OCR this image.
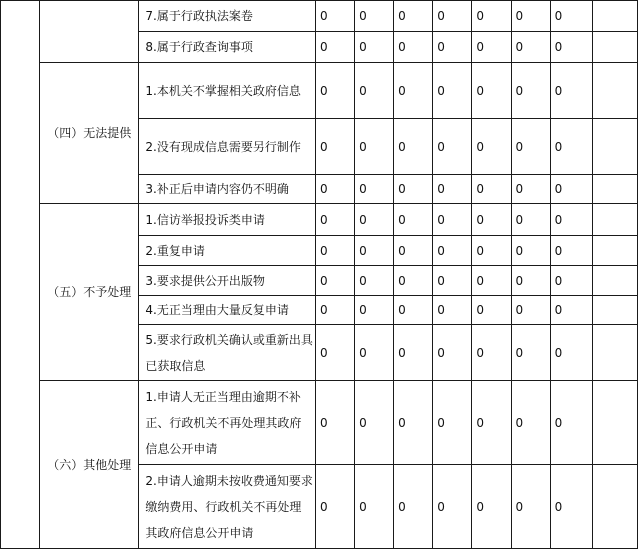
		7.属于行政执法案卷	0	0	0	0	0	0	0	
		8.属于行政查询事项	0	0	0	0	0	0	0	
	（四）无法提供	1.本机关不掌握相关政府信息	0	0	0	0	0	0	0	
		2.没有现成信息需要另行制作	0	0	0	0	0	0	0	
		3.补正后申请内容仍不明确	0	0	0	0	0	0	0	
	（五）不予处理	1.信访举报投诉类申请	0	0	0	0	0	0	0	
		2.重复申请	0	0	0	0	0	0	0	
		3.要求提供公开出版物	0	0	0	0	0	0	0	
		4.无正当理由大量反复申请	0	0	0	0	0	0	0	
		5.要求行政机关确认或重新出具已获取信息	0	0	0	0	0	0	0	
	（六）其他处理	1.申请人无正当理由逾期不补正、行政机关不再处理其政府信息公开申请	0	0	0	0	0	0	0	
		2.申请人逾期未按收费通知要求缴纳费用、行政机关不再处理其政府信息公开申请	0	0	0	0	0	0	0	
